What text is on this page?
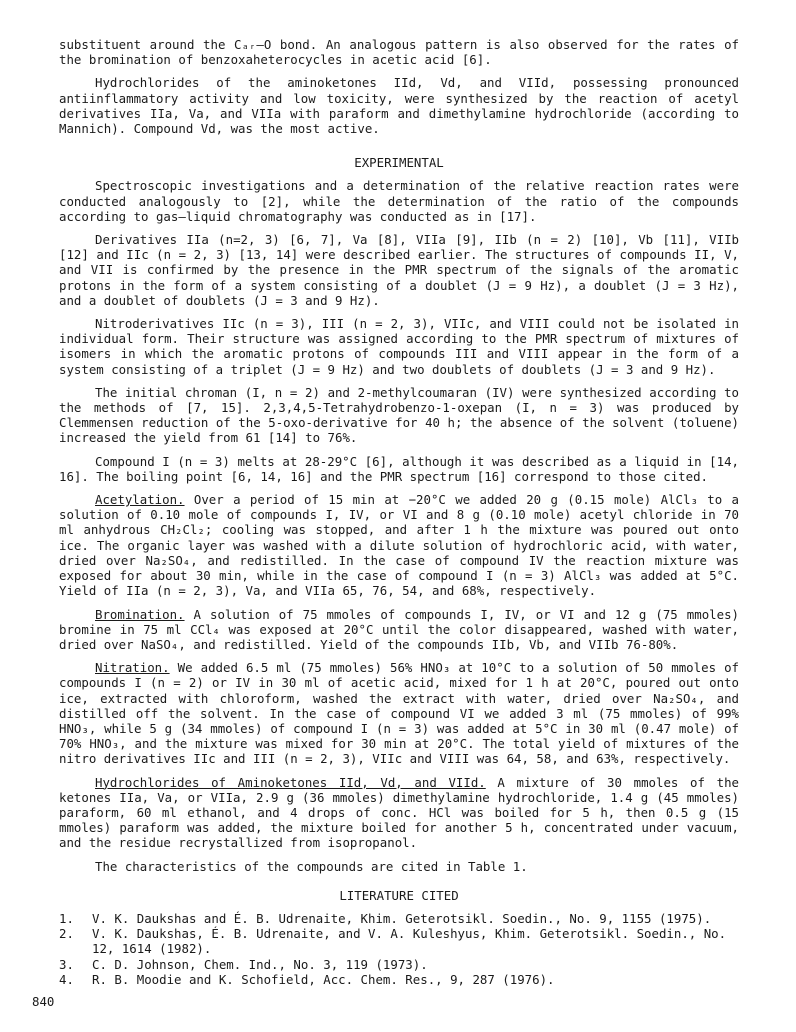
substituent around the Cₐᵣ—O bond. An analogous pattern is also observed for the rates of the bromination of benzoxaheterocycles in acetic acid [6].

Hydrochlorides of the aminoketones IId, Vd, and VIId, possessing pronounced antiinflammatory activity and low toxicity, were synthesized by the reaction of acetyl derivatives IIa, Va, and VIIa with paraform and dimethylamine hydrochloride (according to Mannich). Compound Vd, was the most active.

EXPERIMENTAL

Spectroscopic investigations and a determination of the relative reaction rates were conducted analogously to [2], while the determination of the ratio of the compounds according to gas—liquid chromatography was conducted as in [17].

Derivatives IIa (n=2, 3) [6, 7], Va [8], VIIa [9], IIb (n = 2) [10], Vb [11], VIIb [12] and IIc (n = 2, 3) [13, 14] were described earlier. The structures of compounds II, V, and VII is confirmed by the presence in the PMR spectrum of the signals of the aromatic protons in the form of a system consisting of a doublet (J = 9 Hz), a doublet (J = 3 Hz), and a doublet of doublets (J = 3 and 9 Hz).

Nitroderivatives IIc (n = 3), III (n = 2, 3), VIIc, and VIII could not be isolated in individual form. Their structure was assigned according to the PMR spectrum of mixtures of isomers in which the aromatic protons of compounds III and VIII appear in the form of a system consisting of a triplet (J = 9 Hz) and two doublets of doublets (J = 3 and 9 Hz).

The initial chroman (I, n = 2) and 2-methylcoumaran (IV) were synthesized according to the methods of [7, 15]. 2,3,4,5-Tetrahydrobenzo-1-oxepan (I, n = 3) was produced by Clemmensen reduction of the 5-oxo-derivative for 40 h; the absence of the solvent (toluene) increased the yield from 61 [14] to 76%.

Compound I (n = 3) melts at 28-29°C [6], although it was described as a liquid in [14, 16]. The boiling point [6, 14, 16] and the PMR spectrum [16] correspond to those cited.

Acetylation. Over a period of 15 min at −20°C we added 20 g (0.15 mole) AlCl₃ to a solution of 0.10 mole of compounds I, IV, or VI and 8 g (0.10 mole) acetyl chloride in 70 ml anhydrous CH₂Cl₂; cooling was stopped, and after 1 h the mixture was poured out onto ice. The organic layer was washed with a dilute solution of hydrochloric acid, with water, dried over Na₂SO₄, and redistilled. In the case of compound IV the reaction mixture was exposed for about 30 min, while in the case of compound I (n = 3) AlCl₃ was added at 5°C. Yield of IIa (n = 2, 3), Va, and VIIa 65, 76, 54, and 68%, respectively.

Bromination. A solution of 75 mmoles of compounds I, IV, or VI and 12 g (75 mmoles) bromine in 75 ml CCl₄ was exposed at 20°C until the color disappeared, washed with water, dried over NaSO₄, and redistilled. Yield of the compounds IIb, Vb, and VIIb 76-80%.

Nitration. We added 6.5 ml (75 mmoles) 56% HNO₃ at 10°C to a solution of 50 mmoles of compounds I (n = 2) or IV in 30 ml of acetic acid, mixed for 1 h at 20°C, poured out onto ice, extracted with chloroform, washed the extract with water, dried over Na₂SO₄, and distilled off the solvent. In the case of compound VI we added 3 ml (75 mmoles) of 99% HNO₃, while 5 g (34 mmoles) of compound I (n = 3) was added at 5°C in 30 ml (0.47 mole) of 70% HNO₃, and the mixture was mixed for 30 min at 20°C. The total yield of mixtures of the nitro derivatives IIc and III (n = 2, 3), VIIc and VIII was 64, 58, and 63%, respectively.

Hydrochlorides of Aminoketones IId, Vd, and VIId. A mixture of 30 mmoles of the ketones IIa, Va, or VIIa, 2.9 g (36 mmoles) dimethylamine hydrochloride, 1.4 g (45 mmoles) paraform, 60 ml ethanol, and 4 drops of conc. HCl was boiled for 5 h, then 0.5 g (15 mmoles) paraform was added, the mixture boiled for another 5 h, concentrated under vacuum, and the residue recrystallized from isopropanol.

The characteristics of the compounds are cited in Table 1.

LITERATURE CITED

1.	V. K. Daukshas and É. B. Udrenaite, Khim. Geterotsikl. Soedin., No. 9, 1155 (1975).
2.	V. K. Daukshas, É. B. Udrenaite, and V. A. Kuleshyus, Khim. Geterotsikl. Soedin., No. 12, 1614 (1982).
3.	C. D. Johnson, Chem. Ind., No. 3, 119 (1973).
4.	R. B. Moodie and K. Schofield, Acc. Chem. Res., 9, 287 (1976).
840
